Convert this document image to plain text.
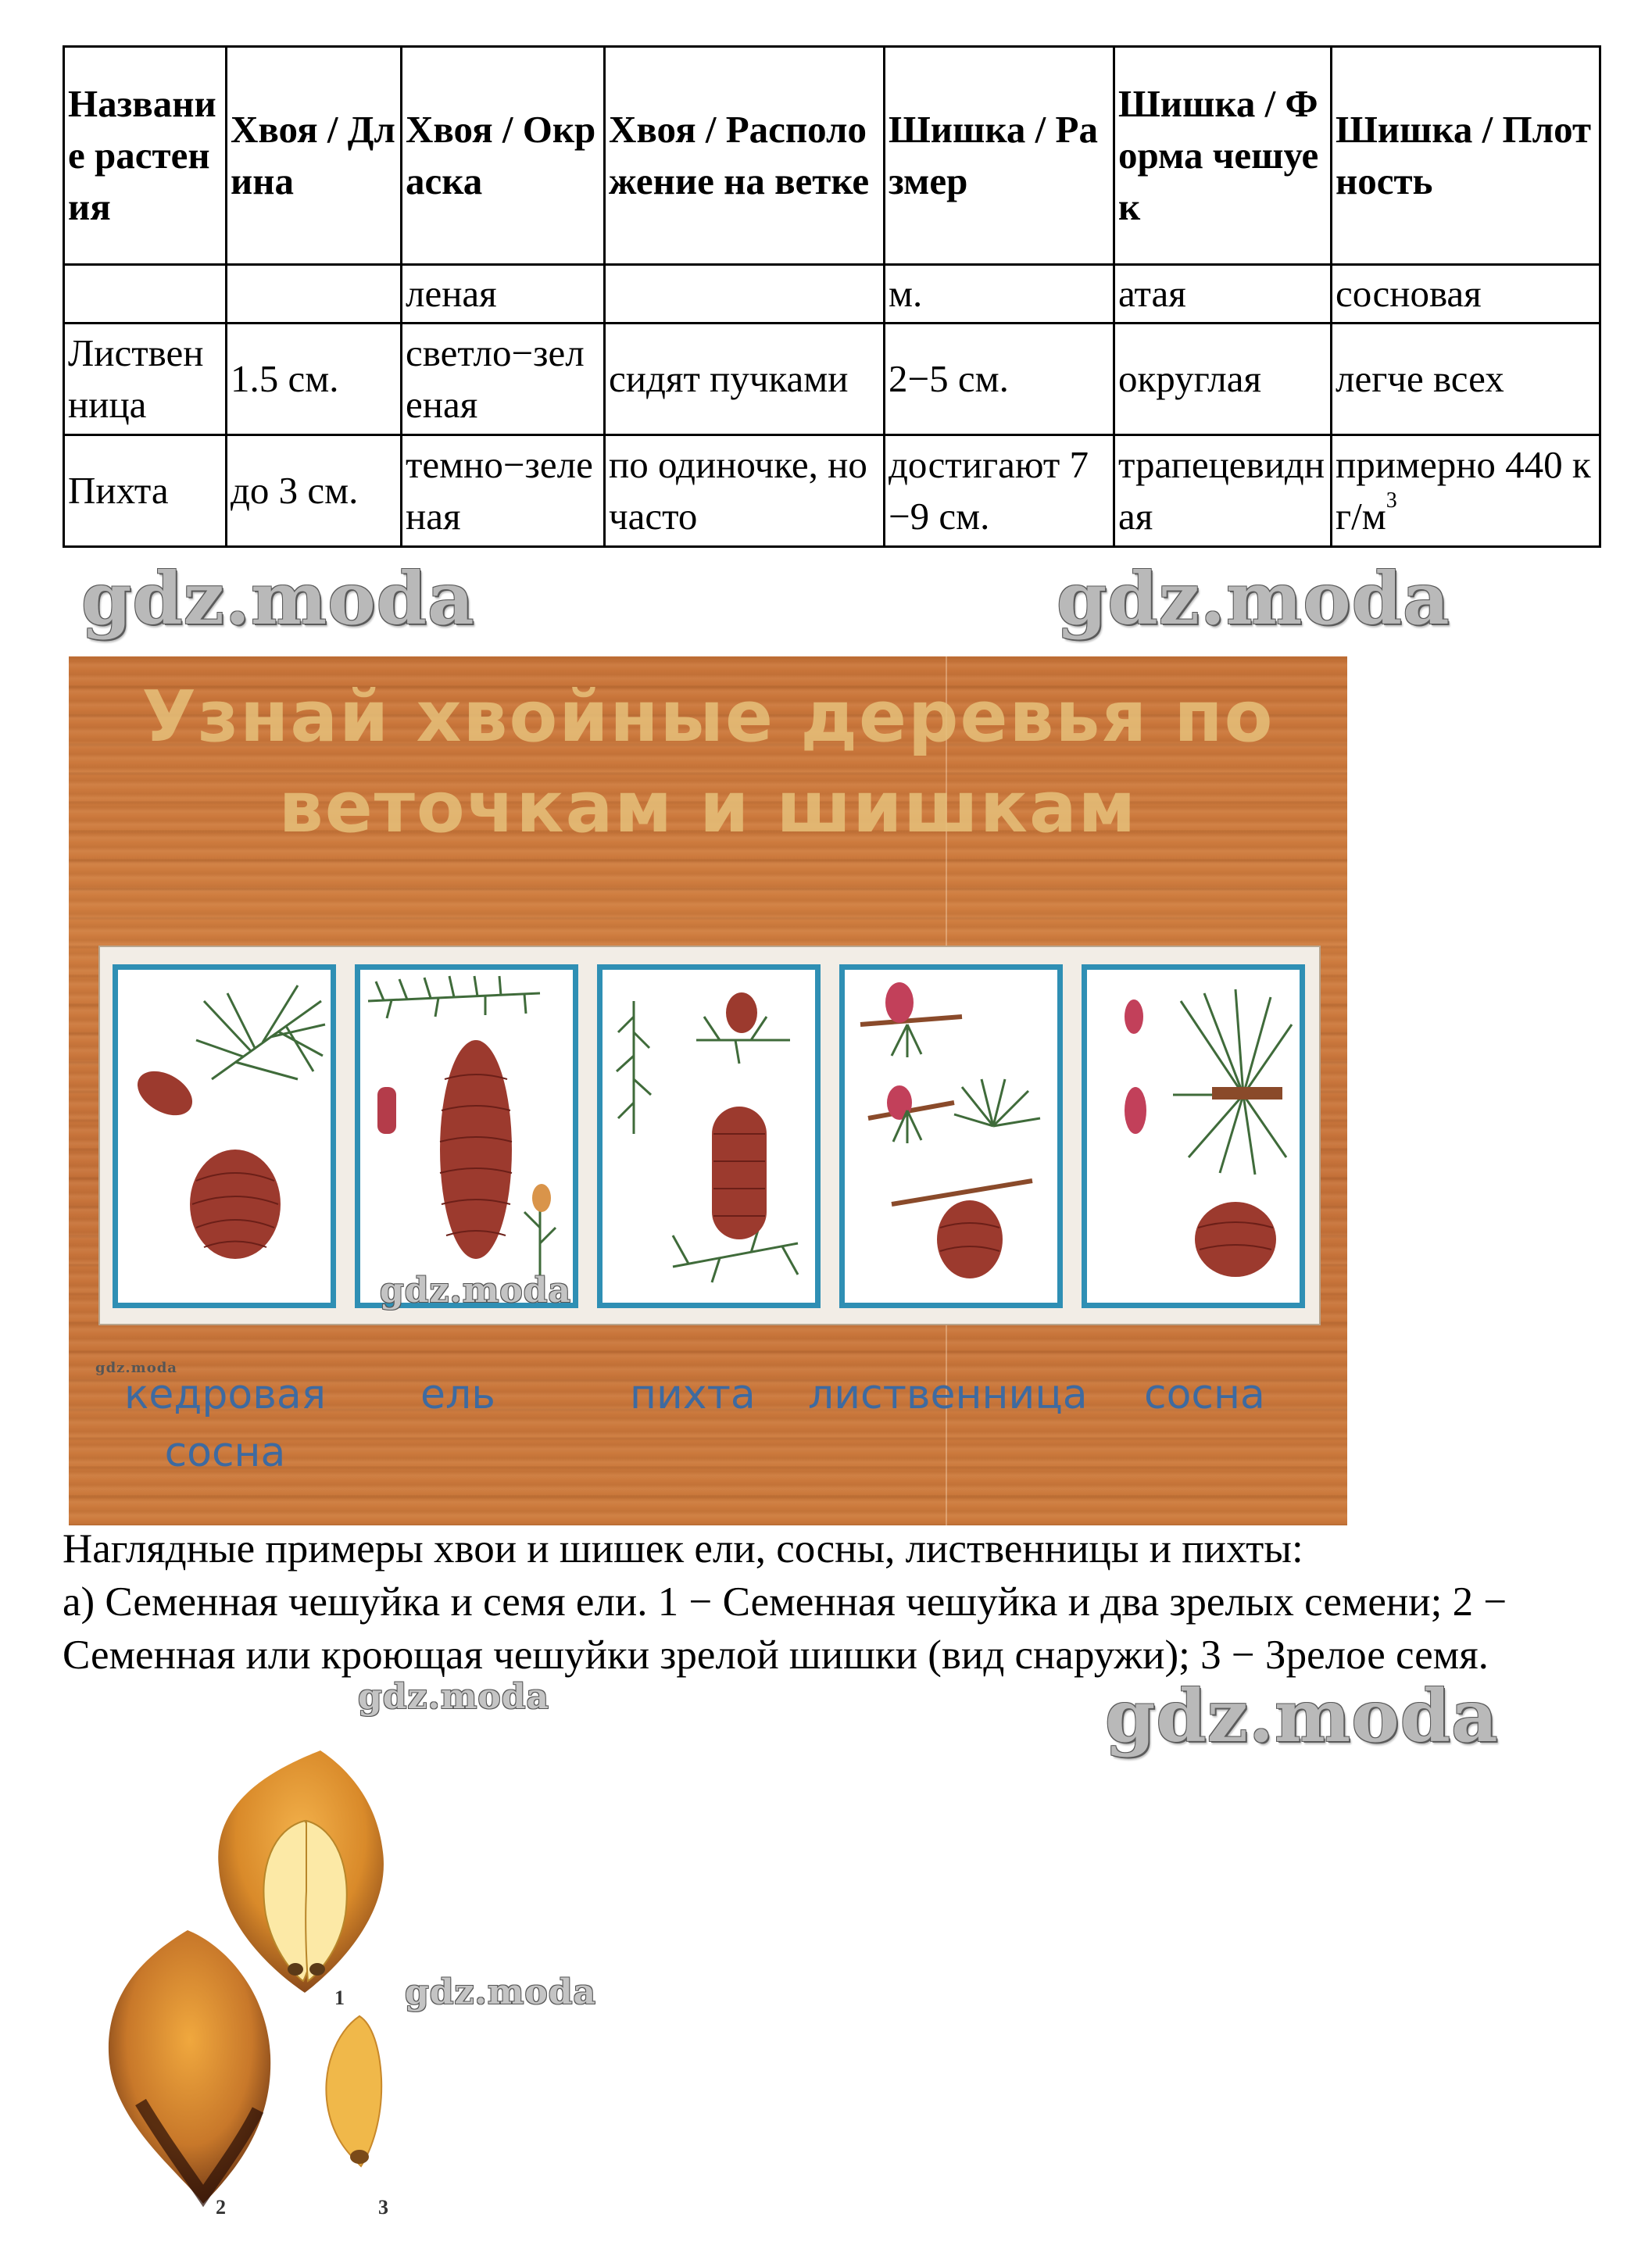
Название растения	Хвоя / Длина	Хвоя / Окраска	Хвоя / Расположение на ветке	Шишка / Размер	Шишка / Форма чешуек	Шишка / Плотность
		леная		м.	атая	сосновая
Лиственница	1.5 см.	светло−зеленая	сидят пучками	2−5 см.	округлая	легче всех
Пихта	до 3 см.	темно−зеленая	по одиночке, но часто	достигают 7−9 см.	трапецевидная	примерно 440 $кг/м^3$
gdz.moda	gdz.moda
Узнай хвойные деревья по веточкам и шишкам
gdz.moda
gdz.moda
кедровая сосна
ель	пихта лиственница сосна

Наглядные примеры хвои и шишек ели, сосны, лиственницы и пихты:

а) Семенная чешуйка и семя ели. 1 − Семенная чешуйка и два зрелых семени; 2 − Семенная или кроющая чешуйки зрелой шишки (вид снаружи); 3 − Зрелое семя.

gdz.moda	gdz.moda
1
2	3
gdz.moda
